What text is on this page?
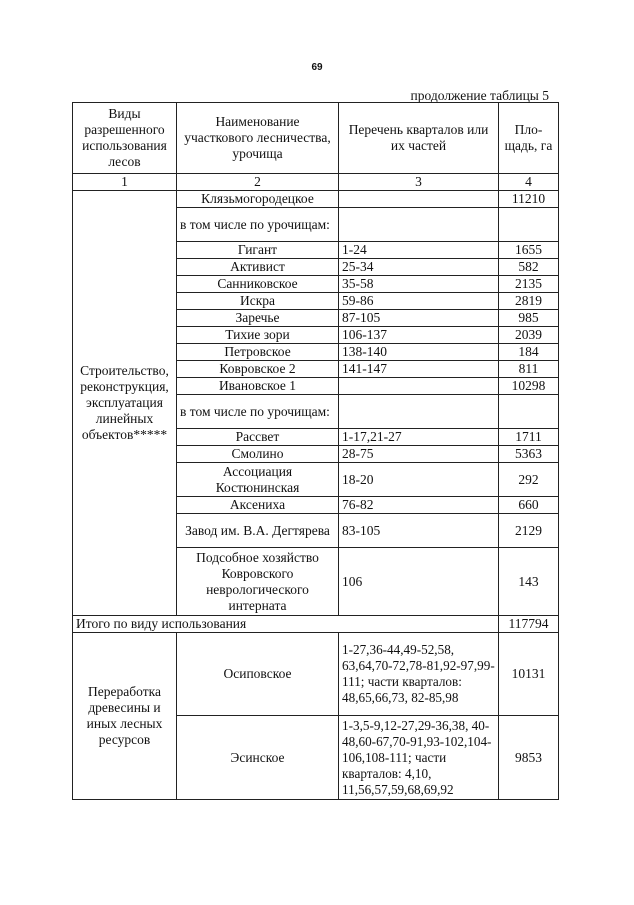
69
продолжение таблицы 5
Виды разрешенного использования лесов	Наименование участкового лесничества, урочища	Перечень кварталов или их частей	Пло-щадь, га
1	2	3	4
Строительство, реконструкция, эксплуатация линейных объектов*****	Клязьмогородецкое		11210
	в том числе по урочищам:		
	Гигант	1-24	1655
	Активист	25-34	582
	Санниковское	35-58	2135
	Искра	59-86	2819
	Заречье	87-105	985
	Тихие зори	106-137	2039
	Петровское	138-140	184
	Ковровское 2	141-147	811
	Ивановское 1		10298
	в том числе по урочищам:		
	Рассвет	1-17,21-27	1711
	Смолино	28-75	5363
	Ассоциация Костюнинская	18-20	292
	Аксениха	76-82	660
	Завод им. В.А. Дегтярева	83-105	2129
	Подсобное хозяйство Ковровского неврологического интерната	106	143
Итого по виду использования			117794
Переработка древесины и иных лесных ресурсов	Осиповское	1-27,36-44,49-52,58, 63,64,70-72,78-81,92-97,99-111; части кварталов: 48,65,66,73, 82-85,98	10131
	Эсинское	1-3,5-9,12-27,29-36,38, 40-48,60-67,70-91,93-102,104-106,108-111; части кварталов: 4,10, 11,56,57,59,68,69,92	9853
